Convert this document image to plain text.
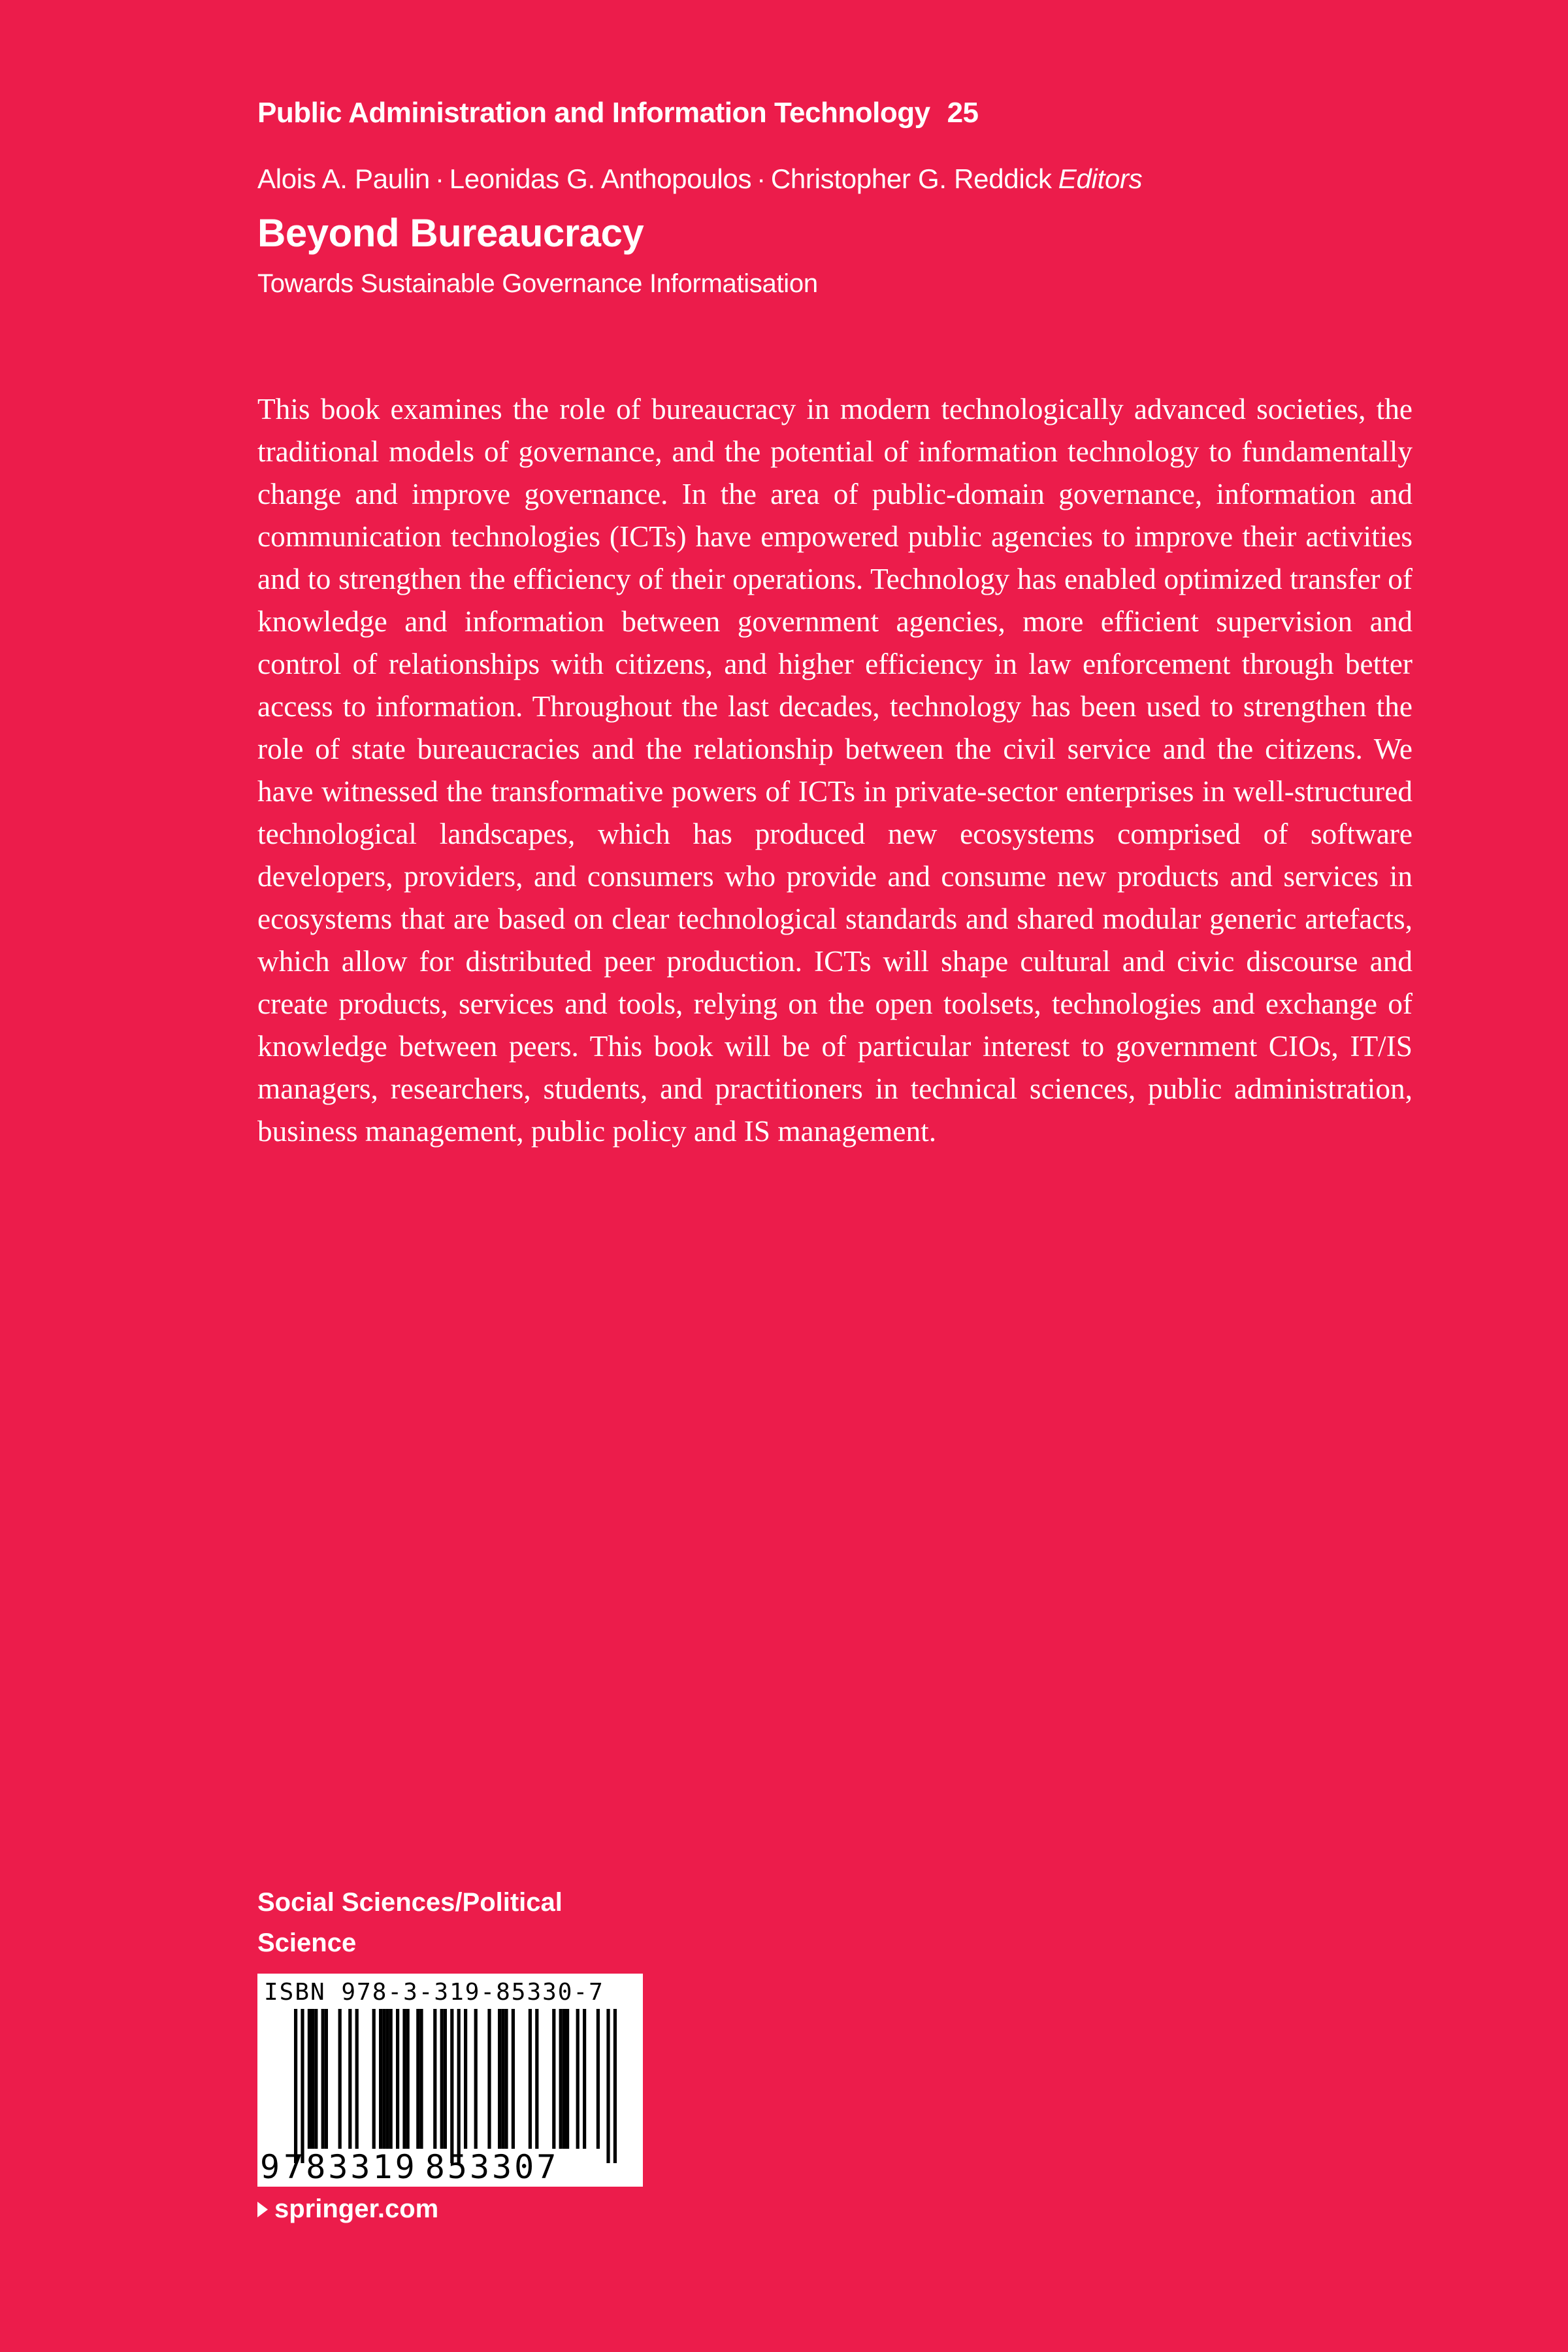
Public Administration and Information Technology 25
Alois A. Paulin · Leonidas G. Anthopoulos · Christopher G. Reddick Editors
Beyond Bureaucracy
Towards Sustainable Governance Informatisation

This book examines the role of bureaucracy in modern technologically advanced societies, the traditional models of governance, and the potential of information technology to fundamentally change and improve governance. In the area of public-domain governance, information and communication technologies (ICTs) have empowered public agencies to improve their activities and to strengthen the efficiency of their operations. Technology has enabled optimized transfer of knowledge and information between government agencies, more efficient supervision and control of relationships with citizens, and higher efficiency in law enforcement through better access to information. Throughout the last decades, technology has been used to strengthen the role of state bureaucracies and the relationship between the civil service and the citizens. We have witnessed the transformative powers of ICTs in private-sector enterprises in well-structured technological landscapes, which has produced new ecosystems comprised of software developers, providers, and consumers who provide and consume new products and services in ecosystems that are based on clear technological standards and shared modular generic artefacts, which allow for distributed peer production. ICTs will shape cultural and civic discourse and create products, services and tools, relying on the open toolsets, technologies and exchange of knowledge between peers. This book will be of particular interest to government CIOs, IT/IS managers, researchers, students, and practitioners in technical sciences, public administration, business management, public policy and IS management.

Social Sciences/Political
Science
ISBN 978-3-319-85330-7
9 783319 853307
springer.com
